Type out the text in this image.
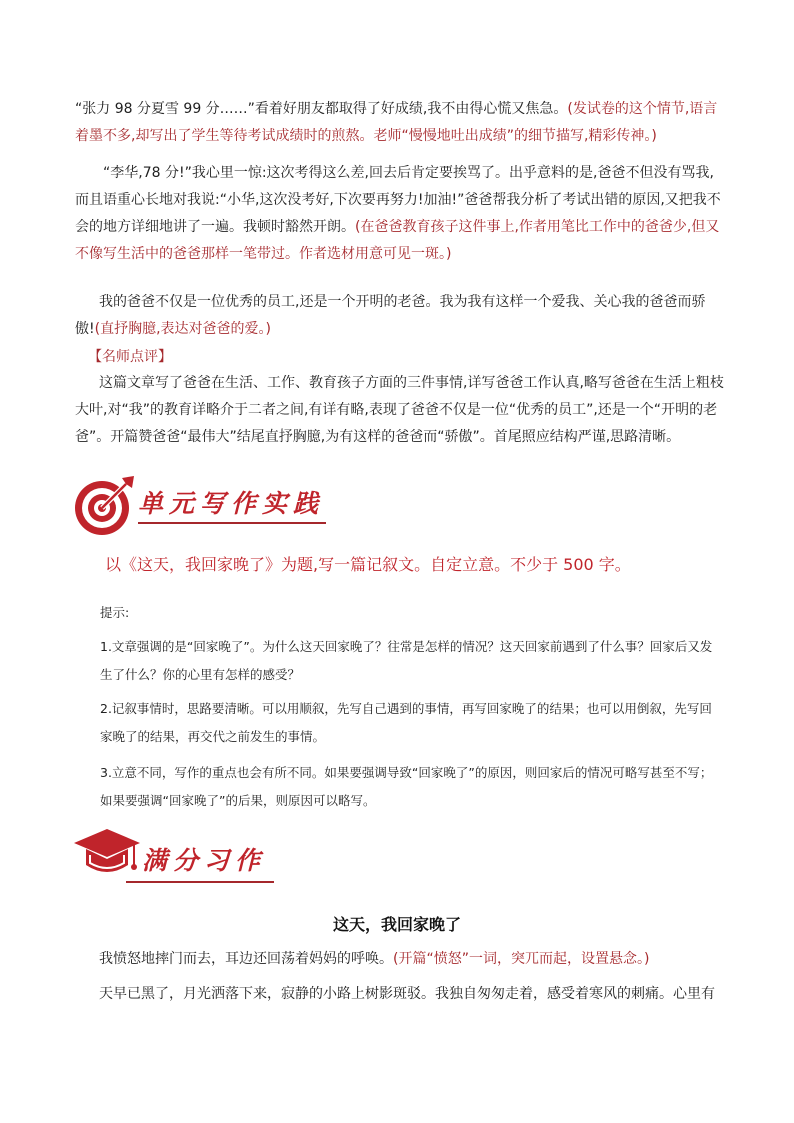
“张力 98 分夏雪 99 分……”看着好朋友都取得了好成绩,我不由得心慌又焦急。(发试卷的这个情节,语言着墨不多,却写出了学生等待考试成绩时的煎熬。老师“慢慢地吐出成绩”的细节描写,精彩传神。)

“李华,78 分!”我心里一惊:这次考得这么差,回去后肯定要挨骂了。出乎意料的是,爸爸不但没有骂我,而且语重心长地对我说:“小华,这次没考好,下次要再努力!加油!”爸爸帮我分析了考试出错的原因,又把我不会的地方详细地讲了一遍。我顿时豁然开朗。(在爸爸教育孩子这件事上,作者用笔比工作中的爸爸少,但又不像写生活中的爸爸那样一笔带过。作者选材用意可见一斑。)

我的爸爸不仅是一位优秀的员工,还是一个开明的老爸。我为我有这样一个爱我、关心我的爸爸而骄傲!(直抒胸臆,表达对爸爸的爱。)

【名师点评】

这篇文章写了爸爸在生活、工作、教育孩子方面的三件事情,详写爸爸工作认真,略写爸爸在生活上粗枝大叶,对“我”的教育详略介于二者之间,有详有略,表现了爸爸不仅是一位“优秀的员工”,还是一个“开明的老爸”。开篇赞爸爸“最伟大”结尾直抒胸臆,为有这样的爸爸而“骄傲”。首尾照应结构严谨,思路清晰。

单元写作实践
以《这天，我回家晚了》为题,写一篇记叙文。自定立意。不少于 500 字。
提示:

1.文章强调的是“回家晚了”。为什么这天回家晚了？往常是怎样的情况？这天回家前遇到了什么事？回家后又发生了什么？你的心里有怎样的感受？

2.记叙事情时，思路要清晰。可以用顺叙，先写自己遇到的事情，再写回家晚了的结果；也可以用倒叙，先写回家晚了的结果，再交代之前发生的事情。

3.立意不同，写作的重点也会有所不同。如果要强调导致“回家晚了”的原因，则回家后的情况可略写甚至不写；如果要强调“回家晚了”的后果，则原因可以略写。

满分习作
这天，我回家晚了

我愤怒地摔门而去，耳边还回荡着妈妈的呼唤。(开篇“愤怒”一词，突兀而起，设置悬念。)

天早已黑了，月光洒落下来，寂静的小路上树影斑驳。我独自匆匆走着，感受着寒风的刺痛。心里有
